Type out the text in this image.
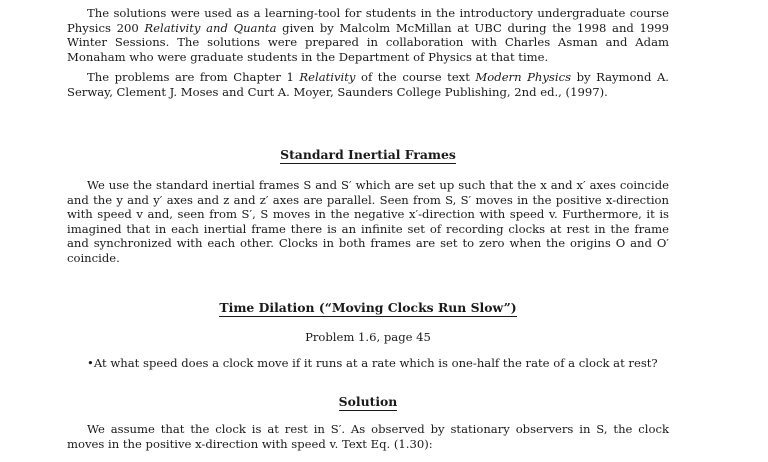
The solutions were used as a learning-tool for students in the introductory undergraduate course Physics 200 Relativity and Quanta given by Malcolm McMillan at UBC during the 1998 and 1999 Winter Sessions. The solutions were prepared in collaboration with Charles Asman and Adam Monaham who were graduate students in the Department of Physics at that time.

The problems are from Chapter 1 Relativity of the course text Modern Physics by Raymond A. Serway, Clement J. Moses and Curt A. Moyer, Saunders College Publishing, 2nd ed., (1997).

Standard Inertial Frames

We use the standard inertial frames S and S′ which are set up such that the x and x′ axes coincide and the y and y′ axes and z and z′ axes are parallel. Seen from S, S′ moves in the positive x-direction with speed v and, seen from S′, S moves in the negative x′-direction with speed v. Furthermore, it is imagined that in each inertial frame there is an infinite set of recording clocks at rest in the frame and synchronized with each other. Clocks in both frames are set to zero when the origins O and O′ coincide.

Time Dilation (“Moving Clocks Run Slow”)

Problem 1.6, page 45

•At what speed does a clock move if it runs at a rate which is one-half the rate of a clock at rest?

Solution

We assume that the clock is at rest in S′. As observed by stationary observers in S, the clock moves in the positive x-direction with speed v. Text Eq. (1.30):
